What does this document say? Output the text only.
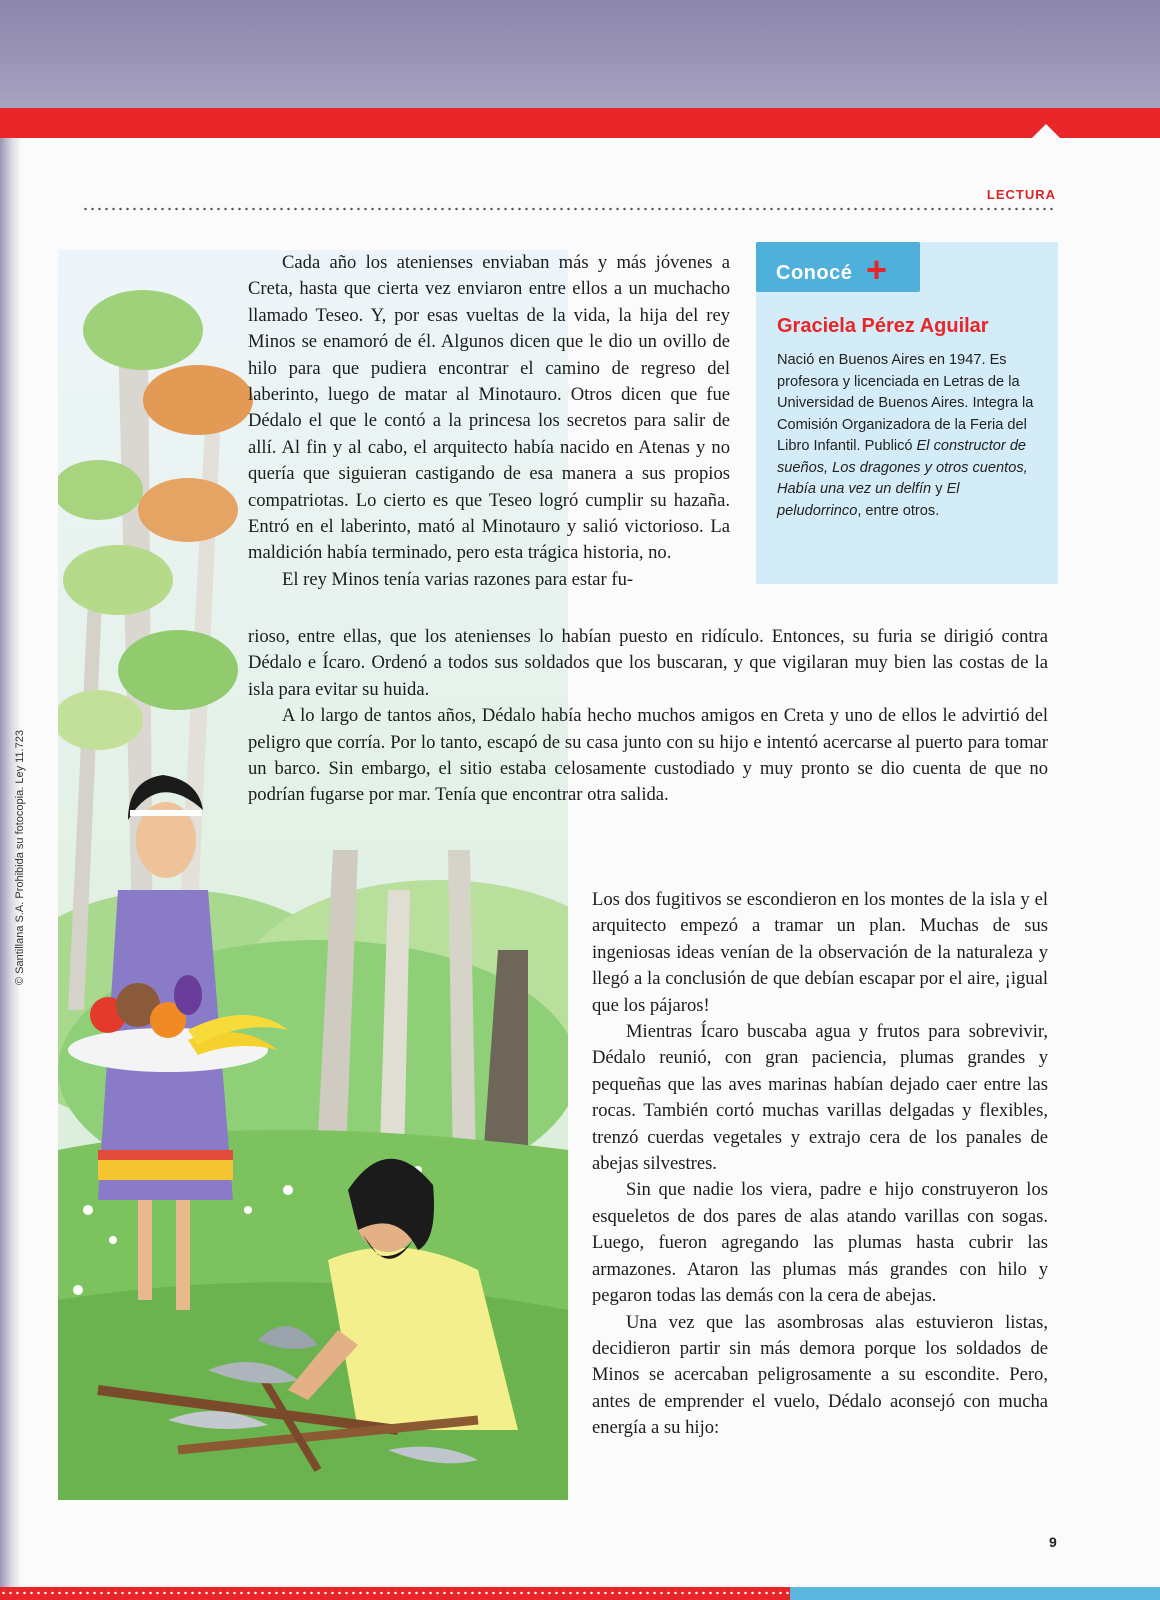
LECTURA
© Santillana S.A. Prohibida su fotocopia. Ley 11.723

Cada año los atenienses enviaban más y más jóvenes a Creta, hasta que cierta vez enviaron entre ellos a un muchacho llamado Teseo. Y, por esas vueltas de la vida, la hija del rey Minos se enamoró de él. Algunos dicen que le dio un ovillo de hilo para que pudiera encontrar el camino de regreso del laberinto, luego de matar al Minotauro. Otros dicen que fue Dédalo el que le contó a la princesa los secretos para salir de allí. Al fin y al cabo, el arquitecto había nacido en Atenas y no quería que siguieran castigando de esa manera a sus propios compatriotas. Lo cierto es que Teseo logró cumplir su hazaña. Entró en el laberinto, mató al Minotauro y salió victorioso. La maldición había terminado, pero esta trágica historia, no.

El rey Minos tenía varias razones para estar fu-

rioso, entre ellas, que los atenienses lo habían puesto en ridículo. Entonces, su furia se dirigió contra Dédalo e Ícaro. Ordenó a todos sus soldados que los buscaran, y que vigilaran muy bien las costas de la isla para evitar su huida.

A lo largo de tantos años, Dédalo había hecho muchos amigos en Creta y uno de ellos le advirtió del peligro que corría. Por lo tanto, escapó de su casa junto con su hijo e intentó acercarse al puerto para tomar un barco. Sin embargo, el sitio estaba celosamente custodiado y muy pronto se dio cuenta de que no podrían fugarse por mar. Tenía que encontrar otra salida.

Los dos fugitivos se escondieron en los montes de la isla y el arquitecto empezó a tramar un plan. Muchas de sus ingeniosas ideas venían de la observación de la naturaleza y llegó a la conclusión de que debían escapar por el aire, ¡igual que los pájaros!

Mientras Ícaro buscaba agua y frutos para sobrevivir, Dédalo reunió, con gran paciencia, plumas grandes y pequeñas que las aves marinas habían dejado caer entre las rocas. También cortó muchas varillas delgadas y flexibles, trenzó cuerdas vegetales y extrajo cera de los panales de abejas silvestres.

Sin que nadie los viera, padre e hijo construyeron los esqueletos de dos pares de alas atando varillas con sogas. Luego, fueron agregando las plumas hasta cubrir las armazones. Ataron las plumas más grandes con hilo y pegaron todas las demás con la cera de abejas.

Una vez que las asombrosas alas estuvieron listas, decidieron partir sin más demora porque los soldados de Minos se acercaban peligrosamente a su escondite. Pero, antes de emprender el vuelo, Dédalo aconsejó con mucha energía a su hijo:

Conocé +
Graciela Pérez Aguilar

Nació en Buenos Aires en 1947. Es profesora y licenciada en Letras de la Universidad de Buenos Aires. Integra la Comisión Organizadora de la Feria del Libro Infantil. Publicó El constructor de sueños, Los dragones y otros cuentos, Había una vez un delfín y El peludorrinco, entre otros.

9
